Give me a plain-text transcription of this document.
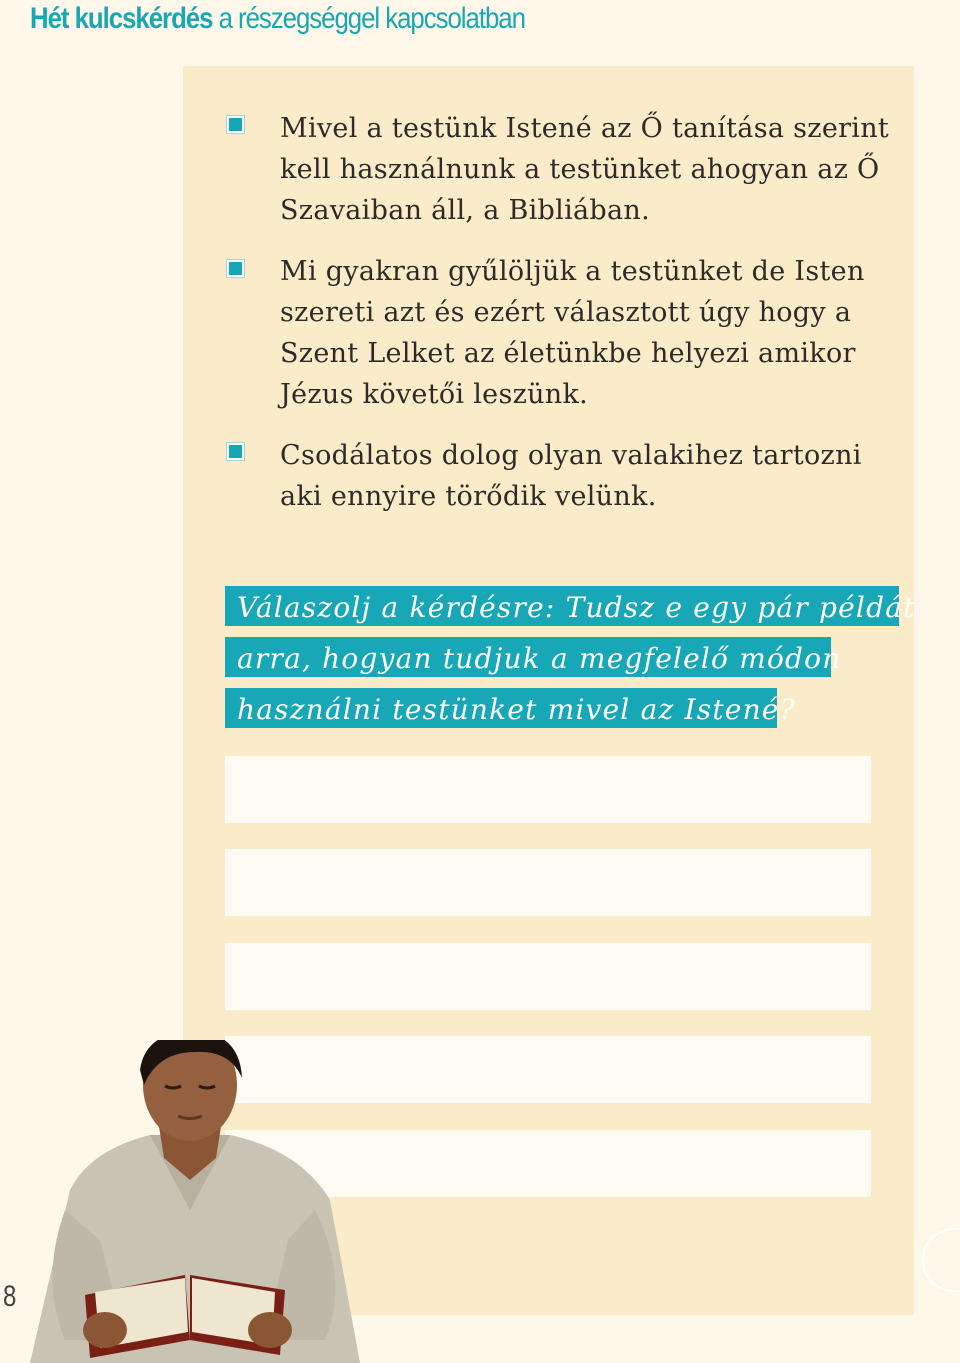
Hét kulcskérdés a részegséggel kapcsolatban
Mivel a testünk Istené az Ő tanítása szerint kell használnunk a testünket ahogyan az Ő Szavaiban áll, a Bibliában.
Mi gyakran gyűlöljük a testünket de Isten szereti azt és ezért választott úgy hogy a Szent Lelket az életünkbe helyezi amikor Jézus követői leszünk.
Csodálatos dolog olyan valakihez tartozni aki ennyire törődik velünk.
Válaszolj a kérdésre: Tudsz e egy pár példát
arra, hogyan tudjuk a megfelelő módon
használni testünket mivel az Istené?
8
